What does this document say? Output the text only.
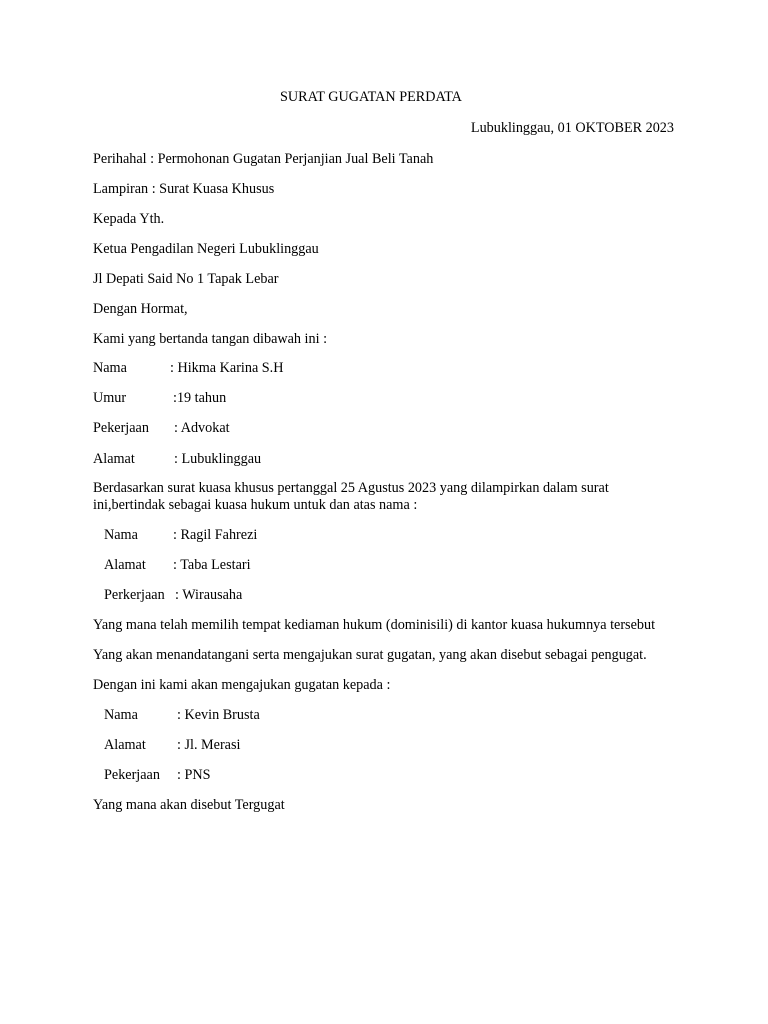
SURAT GUGATAN PERDATA
Lubuklinggau, 01 OKTOBER 2023
Perihahal : Permohonan Gugatan Perjanjian Jual Beli Tanah
Lampiran : Surat Kuasa Khusus
Kepada Yth.
Ketua Pengadilan Negeri Lubuklinggau
Jl Depati Said No 1 Tapak Lebar
Dengan Hormat,
Kami yang bertanda tangan dibawah ini :
Nama	: Hikma Karina S.H
Umur	:19 tahun
Pekerjaan : Advokat
Alamat	: Lubuklinggau
Berdasarkan surat kuasa khusus pertanggal 25 Agustus 2023 yang dilampirkan dalam surat
ini,bertindak sebagai kuasa hukum untuk dan atas nama :
Nama : Ragil Fahrezi
Alamat : Taba Lestari
Perkerjaan : Wirausaha
Yang mana telah memilih tempat kediaman hukum (dominisili) di kantor kuasa hukumnya tersebut
Yang akan menandatangani serta mengajukan surat gugatan, yang akan disebut sebagai pengugat.
Dengan ini kami akan mengajukan gugatan kepada :
Nama	: Kevin Brusta
Alamat : Jl. Merasi
Pekerjaan : PNS
Yang mana akan disebut Tergugat
